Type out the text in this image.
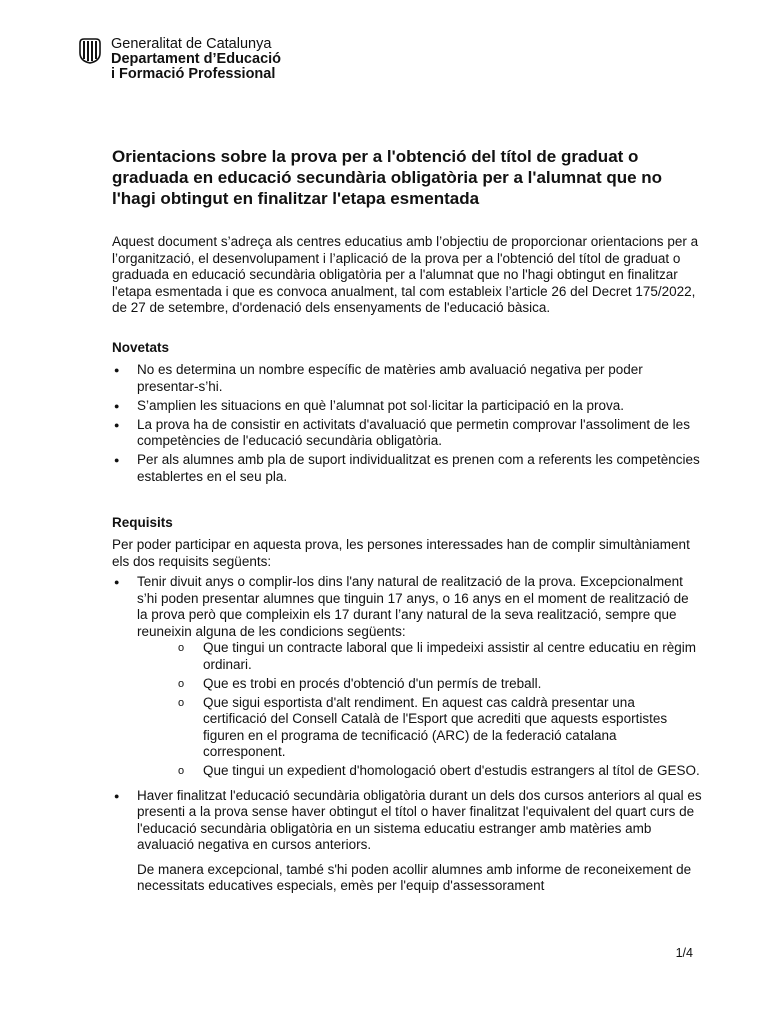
Generalitat de Catalunya
Departament d’Educació
i Formació Professional
Orientacions sobre la prova per a l'obtenció del títol de graduat o graduada en educació secundària obligatòria per a l'alumnat que no l'hagi obtingut en finalitzar l'etapa esmentada

Aquest document s’adreça als centres educatius amb l’objectiu de proporcionar orientacions per a l’organització, el desenvolupament i l’aplicació de la prova per a l'obtenció del títol de graduat o graduada en educació secundària obligatòria per a l'alumnat que no l'hagi obtingut en finalitzar l'etapa esmentada i que es convoca anualment, tal com estableix l’article 26 del Decret 175/2022, de 27 de setembre, d'ordenació dels ensenyaments de l'educació bàsica.

Novetats
● No es determina un nombre específic de matèries amb avaluació negativa per poder presentar-s’hi.
● S’amplien les situacions en què l’alumnat pot sol·licitar la participació en la prova.
● La prova ha de consistir en activitats d'avaluació que permetin comprovar l'assoliment de les competències de l'educació secundària obligatòria.
● Per als alumnes amb pla de suport individualitzat es prenen com a referents les competències establertes en el seu pla.
Requisits

Per poder participar en aquesta prova, les persones interessades han de complir simultàniament els dos requisits següents:

● Tenir divuit anys o complir-los dins l'any natural de realització de la prova. Excepcionalment s’hi poden presentar alumnes que tinguin 17 anys, o 16 anys en el moment de realització de la prova però que compleixin els 17 durant l’any natural de la seva realització, sempre que reuneixin alguna de les condicions següents:

o Que tingui un contracte laboral que li impedeixi assistir al centre educatiu en règim ordinari.
o Que es trobi en procés d'obtenció d'un permís de treball.
o Que sigui esportista d'alt rendiment. En aquest cas caldrà presentar una certificació del Consell Català de l'Esport que acrediti que aquests esportistes figuren en el programa de tecnificació (ARC) de la federació catalana corresponent.
o Que tingui un expedient d'homologació obert d'estudis estrangers al títol de GESO.

● Haver finalitzat l'educació secundària obligatòria durant un dels dos cursos anteriors al qual es presenti a la prova sense haver obtingut el títol o haver finalitzat l'equivalent del quart curs de l'educació secundària obligatòria en un sistema educatiu estranger amb matèries amb avaluació negativa en cursos anteriors.

De manera excepcional, també s'hi poden acollir alumnes amb informe de reconeixement de necessitats educatives especials, emès per l'equip d'assessorament

1/4
